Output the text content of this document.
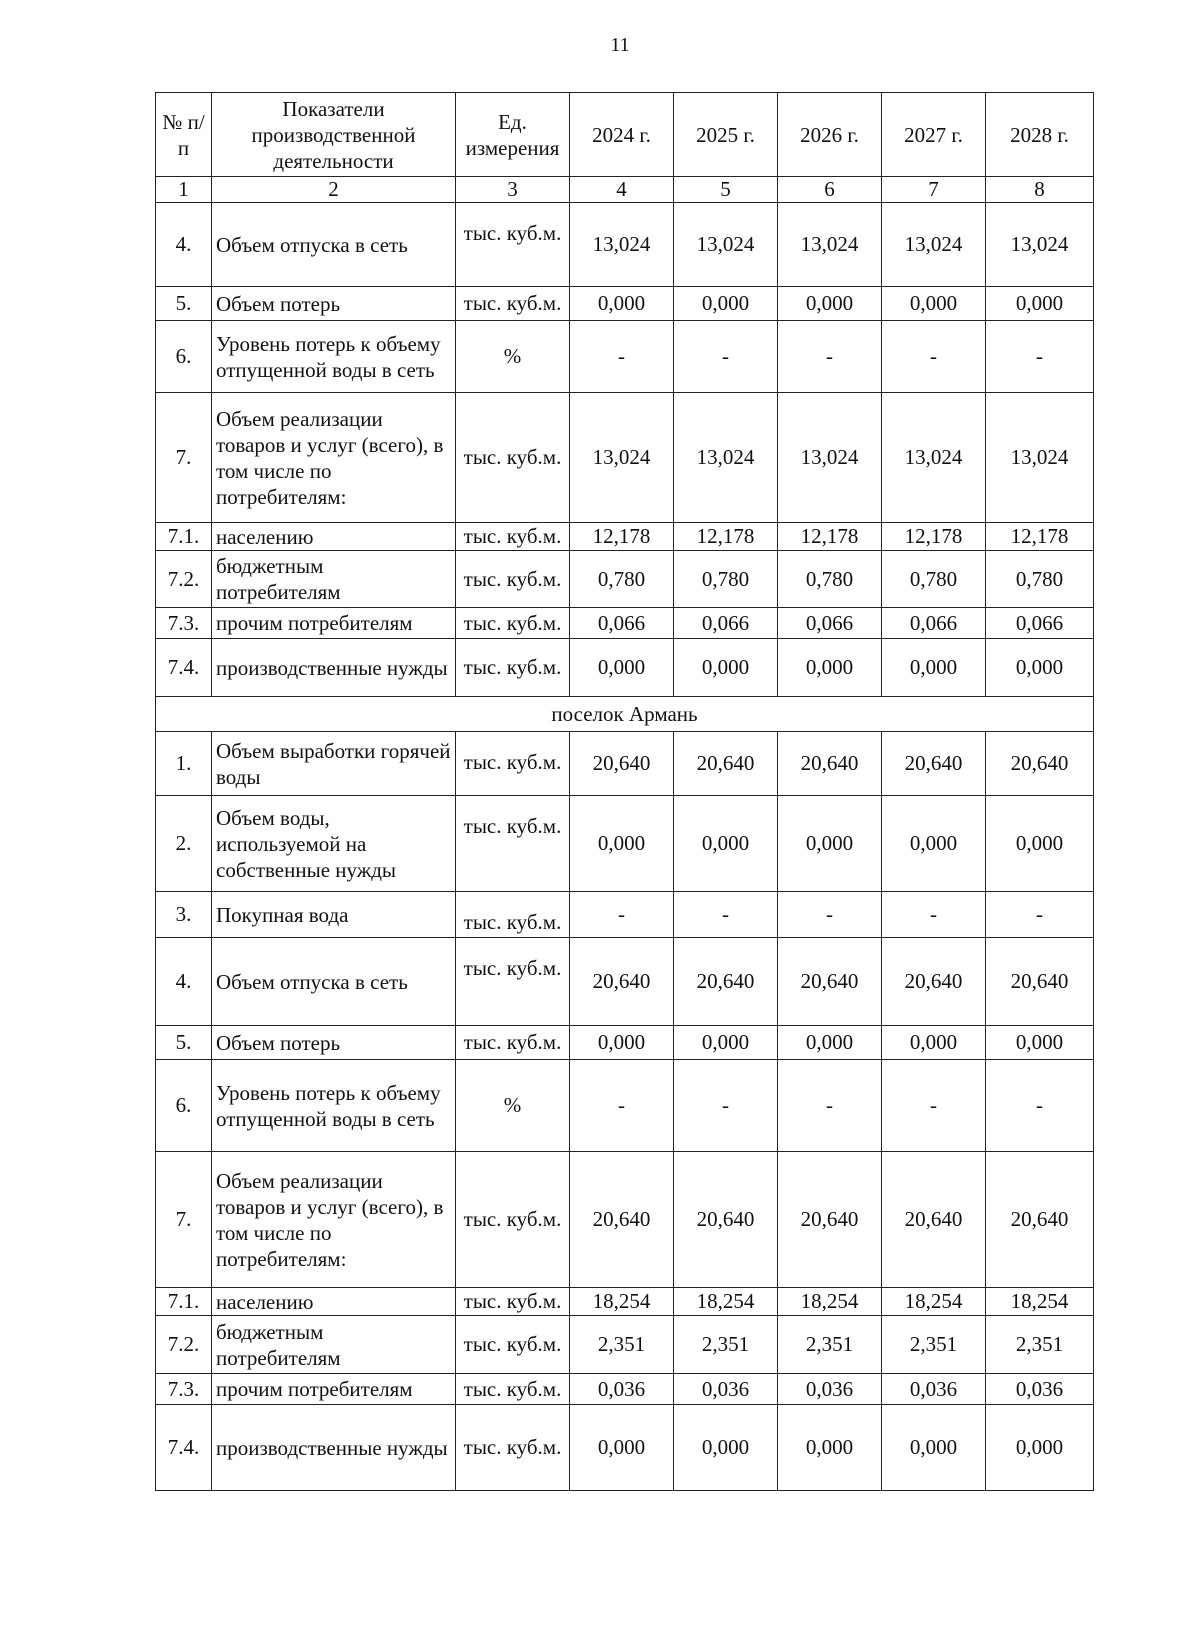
11
№ п/п	Показатели производственной деятельности	Ед. измерения	2024 г.	2025 г.	2026 г.	2027 г.	2028 г.
1	2	3	4	5	6	7	8
4.	Объем отпуска в сеть	тыс. куб.м.	13,024	13,024	13,024	13,024	13,024
5.	Объем потерь	тыс. куб.м.	0,000	0,000	0,000	0,000	0,000
6.	Уровень потерь к объему отпущенной воды в сеть	%	-	-	-	-	-
7.	Объем реализации товаров и услуг (всего), в том числе по потребителям:	тыс. куб.м.	13,024	13,024	13,024	13,024	13,024
7.1.	населению	тыс. куб.м.	12,178	12,178	12,178	12,178	12,178
7.2.	бюджетным потребителям	тыс. куб.м.	0,780	0,780	0,780	0,780	0,780
7.3.	прочим потребителям	тыс. куб.м.	0,066	0,066	0,066	0,066	0,066
7.4.	производственные нужды	тыс. куб.м.	0,000	0,000	0,000	0,000	0,000
поселок Армань							
1.	Объем выработки горячей воды	тыс. куб.м.	20,640	20,640	20,640	20,640	20,640
2.	Объем воды, используемой на собственные нужды	тыс. куб.м.	0,000	0,000	0,000	0,000	0,000
3.	Покупная вода	тыс. куб.м.	-	-	-	-	-
4.	Объем отпуска в сеть	тыс. куб.м.	20,640	20,640	20,640	20,640	20,640
5.	Объем потерь	тыс. куб.м.	0,000	0,000	0,000	0,000	0,000
6.	Уровень потерь к объему отпущенной воды в сеть	%	-	-	-	-	-
7.	Объем реализации товаров и услуг (всего), в том числе по потребителям:	тыс. куб.м.	20,640	20,640	20,640	20,640	20,640
7.1.	населению	тыс. куб.м.	18,254	18,254	18,254	18,254	18,254
7.2.	бюджетным потребителям	тыс. куб.м.	2,351	2,351	2,351	2,351	2,351
7.3.	прочим потребителям	тыс. куб.м.	0,036	0,036	0,036	0,036	0,036
7.4.	производственные нужды	тыс. куб.м.	0,000	0,000	0,000	0,000	0,000
